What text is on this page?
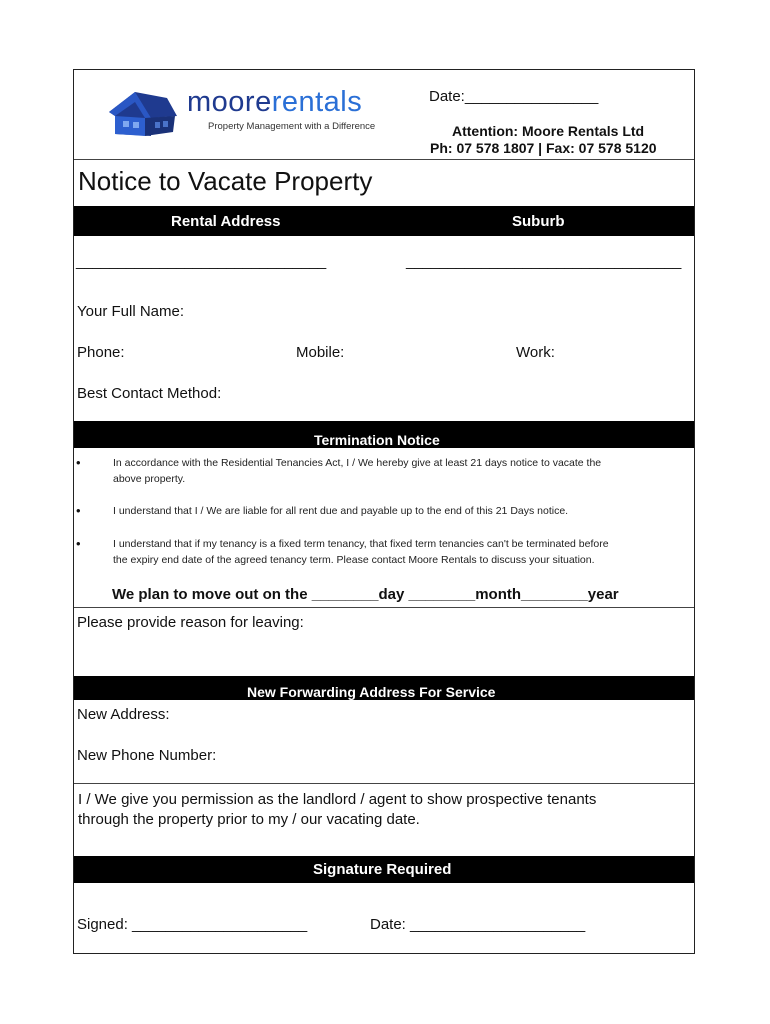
moorerentals
Property Management with a Difference
Date:________________
Attention: Moore Rentals Ltd
Ph: 07 578 1807 | Fax: 07 578 5120
Notice to Vacate Property
Rental Address	Suburb
______________________________	_________________________________
Your Full Name:
Phone:	Mobile:	Work:
Best Contact Method:
Termination Notice
•	In accordance with the Residential Tenancies Act, I / We hereby give at least 21 days notice to vacate the
above property.
•	I understand that I / We are liable for all rent due and payable up to the end of this 21 Days notice.
•	I understand that if my tenancy is a fixed term tenancy, that fixed term tenancies can't be terminated before
the expiry end date of the agreed tenancy term. Please contact Moore Rentals to discuss your situation.
We plan to move out on the ________day ________month________year
Please provide reason for leaving:
New Forwarding Address For Service
New Address:
New Phone Number:
I / We give you permission as the landlord / agent to show prospective tenants
through the property prior to my / our vacating date.
Signature Required
Signed: _____________________	Date: _____________________
